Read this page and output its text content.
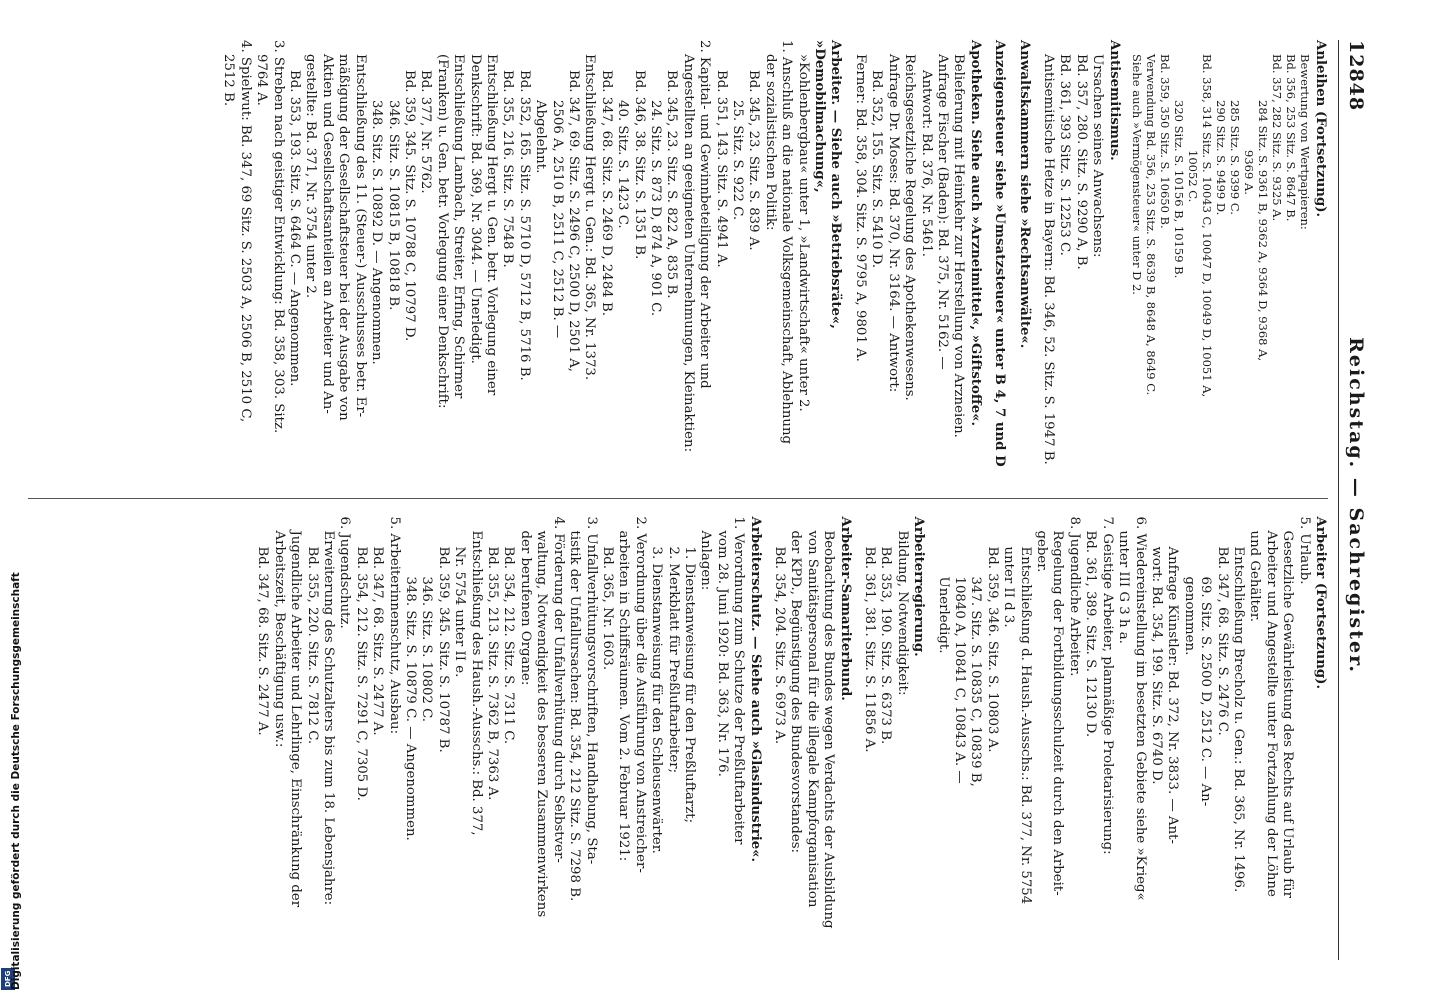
12848
Reichstag. — Sachregister.

Anleihen (Fortsetzung).

Bewertung von Wertpapieren:

Bd. 356, 253 Sitz. S. 8647 B.

Bd. 357, 282 Sitz. S. 9325 A.

284 Sitz. S. 9361 B, 9362 A, 9364 D, 9368 A,

9369 A.

285 Sitz. S. 9399 C.

290 Sitz. S. 9499 D.

Bd. 358, 314 Sitz. S. 10043 C, 10047 D, 10049 D, 10051 A,

10052 C.

320 Sitz. S. 10156 B, 10159 B.

Bd. 359, 350 Sitz. S. 10650 B.

Verwendung Bd. 356, 253 Sitz. S. 8639 B, 8648 A, 8649 C.

Siehe auch »Vermögensteuer« unter D 2.

Antisemitismus.

Ursachen seines Anwachsens:

Bd. 357, 280. Sitz. S. 9290 A, B.

Bd. 361, 393 Sitz. S. 12253 C.

Antisemitische Hetze in Bayern: Bd. 346, 52. Sitz. S. 1947 B.

Anwaltskammern siehe »Rechtsanwälte«.

Anzeigensteuer siehe »Umsatzsteuer« unter B 4, 7 und D

Apotheken. Siehe auch »Arzneimittel«, »Giftstoffe«.

Belieferung mit Heimkehr zur Herstellung von Arzneien.

Anfrage Fischer (Baden): Bd. 375, Nr. 5162. —

Antwort: Bd. 376, Nr. 5461.

Reichsgesetzliche Regelung des Apothekenwesens.

Anfrage Dr. Moses: Bd. 370, Nr. 3164. — Antwort:

Bd. 352, 155. Sitz. S. 5410 D.

Ferner: Bd. 358, 304. Sitz. S. 9795 A, 9801 A.

Arbeiter. — Siehe auch »Betriebsräte«, »Demobilmachung«,

»Kohlenbergbau« unter 1, »Landwirtschaft« unter 2.

1. Anschluß an die nationale Volksgemeinschaft, Ablehnung

der sozialistischen Politik:

Bd. 345, 23. Sitz. S. 839 A.

25. Sitz. S. 922 C.

Bd. 351, 143. Sitz. S. 4941 A.

2. Kapital- und Gewinnbeteiligung der Arbeiter und

Angestellten an geeigneten Unternehmungen, Kleinaktien:

Bd. 345, 23. Sitz. S. 822 A, 835 B.

24. Sitz. S. 873 D, 874 A, 901 C.

Bd. 346, 38. Sitz. S. 1351 B.

40. Sitz. S. 1423 C.

Bd. 347, 68. Sitz. S. 2469 D, 2484 B.

Entschließung Hergt u. Gen.: Bd. 365, Nr. 1373.

Bd. 347, 69. Sitz. S. 2496 C, 2500 D, 2501 A,

2506 A, 2510 B, 2511 C, 2512 B. —

Abgelehnt.

Bd. 352, 165. Sitz. S. 5710 D, 5712 B, 5716 B.

Bd. 355, 216. Sitz. S. 7548 B.

Entschließung Hergt u. Gen. betr. Vorlegung einer

Denkschrift: Bd. 369, Nr. 3044. — Unerledigt.

Entschließung Lambach, Streiter, Erfing, Schirmer

(Franken) u. Gen. betr. Vorlegung einer Denkschrift:

Bd. 377, Nr. 5762.

Bd. 359, 345. Sitz. S. 10788 C, 10797 D.

346. Sitz. S. 10815 B, 10818 B.

348. Sitz. S. 10892 D. — Angenommen.

Entschließung des 11. (Steuer-) Ausschusses betr. Er-

mäßigung der Gesellschaftsteuer bei der Ausgabe von

Aktien und Gesellschaftsanteilen an Arbeiter und An-

gestellte: Bd. 371, Nr. 3754 unter 2.

Bd. 353, 193. Sitz. S. 6464 C. — Angenommen.

3. Streben nach geistiger Entwicklung: Bd. 358, 303. Sitz.

9764 A.

4. Spielwut: Bd. 347, 69 Sitz. S. 2503 A, 2506 B, 2510 C,

2512 B.

Arbeiter (Fortsetzung).

5. Urlaub.

Gesetzliche Gewährleistung des Rechts auf Urlaub für

Arbeiter und Angestellte unter Fortzahlung der Löhne

und Gehälter.

Entschließung Brecholz u. Gen.: Bd. 365, Nr. 1496.

Bd. 347, 68. Sitz. S. 2476 C.

69. Sitz. S. 2500 D, 2512 C. — An-

genommen.

Anfrage Künstler: Bd. 372, Nr. 3833. — Ant-

wort: Bd. 354, 199. Sitz. S. 6740 D.

6. Wiedereinstellung im besetzten Gebiete siehe »Krieg«

unter III G 3 h a.

7. Geistige Arbeiter, planmäßige Proletarisierung:

Bd. 361, 389. Sitz. S. 12130 D.

8. Jugendliche Arbeiter.

Regelung der Fortbildungsschulzeit durch den Arbeit-

geber.

Entschließung d. Haush.-Ausschs.: Bd. 377, Nr. 5754

unter II d 3.

Bd. 359, 346. Sitz. S. 10803 A.

347. Sitz. S. 10835 C, 10839 B,

10840 A, 10841 C, 10843 A. —

Unerledigt.

Arbeiterregierung.

Bildung, Notwendigkeit:

Bd. 353, 190. Sitz. S. 6373 B.

Bd. 361, 381. Sitz. S. 11856 A.

Arbeiter-Samariterbund.

Beobachtung des Bundes wegen Verdachts der Ausbildung

von Sanitätspersonal für die illegale Kampforganisation

der KPD., Begünstigung des Bundesvorstandes:

Bd. 354, 204. Sitz. S. 6973 A.

Arbeiterschutz. — Siehe auch »Glasindustrie«.

1. Verordnung zum Schutze der Preßluftarbeiter

vom 28. Juni 1920: Bd. 363, Nr. 176.

Anlagen:

1. Dienstanweisung für den Preßluftarzt;

2. Merkblatt für Preßluftarbeiter;

3. Dienstanweisung für den Schleusenwärter.

2. Verordnung über die Ausführung von Anstreicher-

arbeiten in Schiffsräumen. Vom 2. Februar 1921:

Bd. 365, Nr. 1603.

3. Unfallverhütungsvorschriften, Handhabung, Sta-

tistik der Unfallursachen: Bd. 354, 212 Sitz. S. 7298 B.

4. Förderung der Unfallverhütung durch Selbstver-

waltung, Notwendigkeit des besseren Zusammenwirkens

der berufenen Organe:

Bd. 354, 212. Sitz. S. 7311 C.

Bd. 355, 213. Sitz. S. 7362 B, 7363 A.

Entschließung des Haush.-Ausschs.: Bd. 377,

Nr. 5754 unter II e.

Bd. 359, 345. Sitz. S. 10787 B.

346. Sitz. S. 10802 C.

348. Sitz. S. 10879 C. — Angenommen.

5. Arbeiterinnenschutz, Ausbau:

Bd. 347, 68. Sitz. S. 2477 A.

Bd. 354, 212. Sitz. S. 7291 C, 7305 D.

6. Jugendschutz.

Erweiterung des Schutzalters bis zum 18. Lebensjahre:

Bd. 355, 220. Sitz. S. 7812 C.

Jugendliche Arbeiter und Lehrlinge, Einschränkung der

Arbeitszeit, Beschäftigung usw.:

Bd. 347, 68. Sitz. S. 2477 A.

DFG
Digitalisierung gefördert durch die Deutsche Forschungsgemeinschaft
